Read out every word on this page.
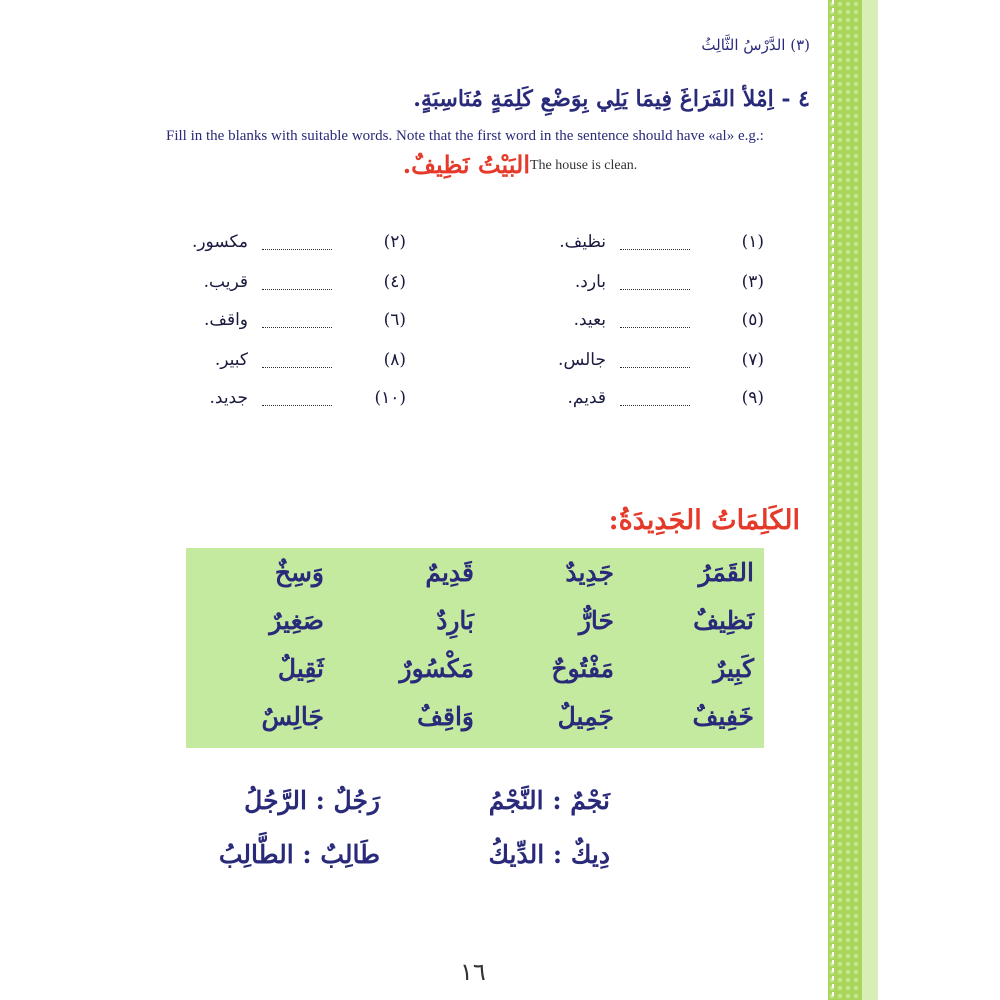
(٣) الدَّرْسُ الثَّالِثُ
٤ - اِمْلأ الفَرَاغَ فِيمَا يَلِي بِوَضْعِ كَلِمَةٍ مُنَاسِبَةٍ.
Fill in the blanks with suitable words. Note that the first word in the sentence should have «al» e.g.:
The house is clean.
البَيْتُ نَظِيفٌ.
(١)نظيف.
(٢)مكسور.
(٣)بارد.
(٤)قريب.
(٥)بعيد.
(٦)واقف.
(٧)جالس.
(٨)كبير.
(٩)قديم.
(١٠)جديد.
الكَلِمَاتُ الجَدِيدَةُ:
القَمَرُ
جَدِيدٌ
قَدِيمٌ
وَسِخٌ
نَظِيفٌ
حَارٌّ
بَارِدٌ
صَغِيرٌ
كَبِيرٌ
مَفْتُوحٌ
مَكْسُورٌ
ثَقِيلٌ
خَفِيفٌ
جَمِيلٌ
وَاقِفٌ
جَالِسٌ
نَجْمٌ : النَّجْمُ
رَجُلٌ : الرَّجُلُ
دِيكٌ : الدِّيكُ
طَالِبٌ : الطَّالِبُ
١٦
